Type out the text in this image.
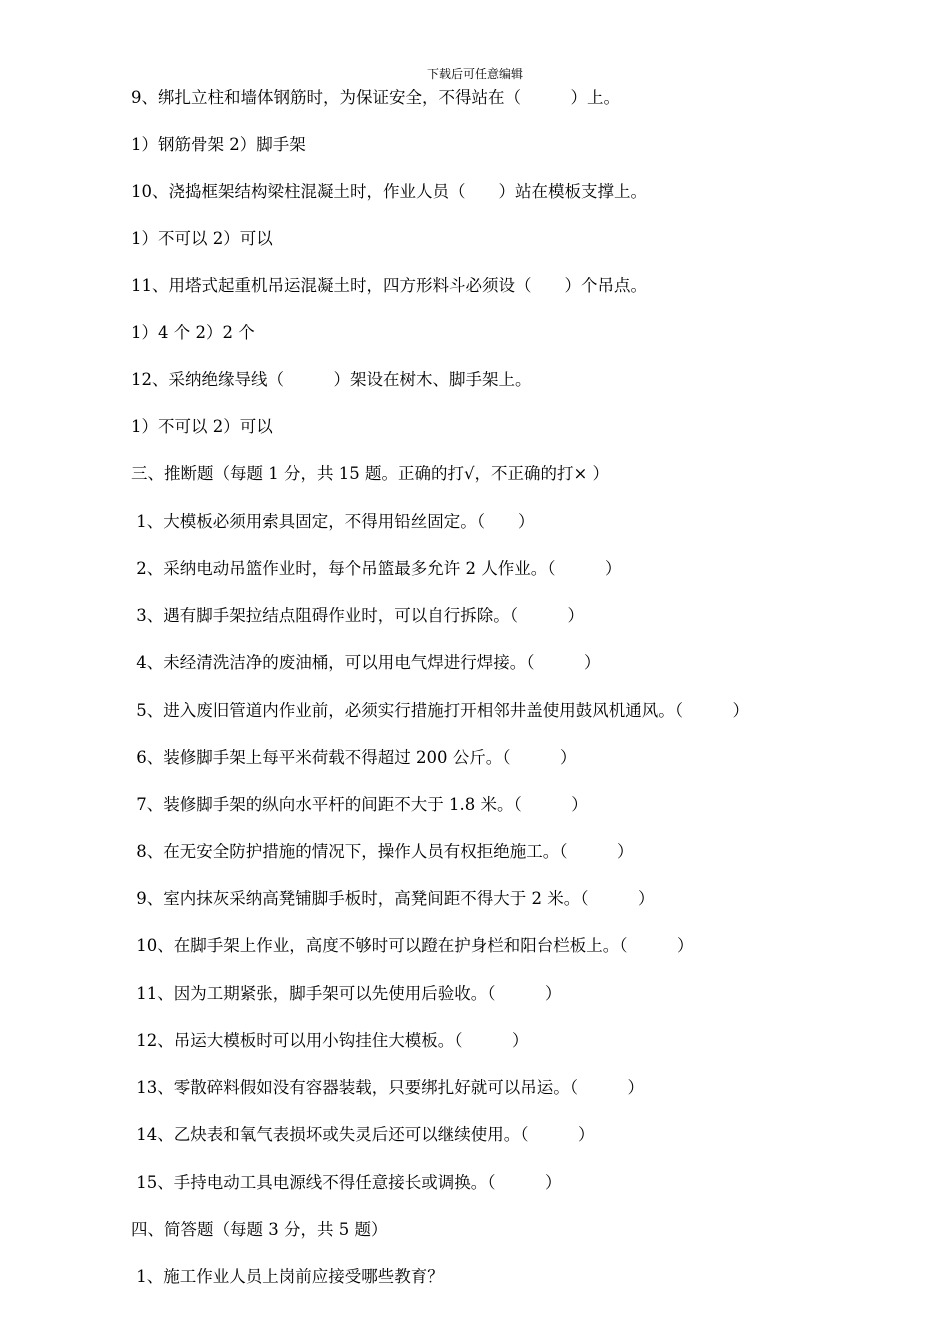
下载后可任意编辑
9、绑扎立柱和墙体钢筋时，为保证安全，不得站在（　　　）上。
1）钢筋骨架 2）脚手架
10、浇捣框架结构梁柱混凝土时，作业人员（　　）站在模板支撑上。
1）不可以 2）可以
11、用塔式起重机吊运混凝土时，四方形料斗必须设（　　）个吊点。
1）4 个 2）2 个
12、采纳绝缘导线（　　　）架设在树木、脚手架上。
1）不可以 2）可以
三、推断题（每题 1 分，共 15 题。正确的打√，不正确的打× ）
1、大模板必须用索具固定，不得用铅丝固定。（　　）
2、采纳电动吊篮作业时，每个吊篮最多允许 2 人作业。（　　　）
3、遇有脚手架拉结点阻碍作业时，可以自行拆除。（　　　）
4、未经清洗洁净的废油桶，可以用电气焊进行焊接。（　　　）
5、进入废旧管道内作业前，必须实行措施打开相邻井盖使用鼓风机通风。（　　　）
6、装修脚手架上每平米荷载不得超过 200 公斤。（　　　）
7、装修脚手架的纵向水平杆的间距不大于 1.8 米。（　　　）
8、在无安全防护措施的情况下，操作人员有权拒绝施工。（　　　）
9、室内抹灰采纳高凳铺脚手板时，高凳间距不得大于 2 米。（　　　）
10、在脚手架上作业，高度不够时可以蹬在护身栏和阳台栏板上。（　　　）
11、因为工期紧张，脚手架可以先使用后验收。（　　　）
12、吊运大模板时可以用小钩挂住大模板。（　　　）
13、零散碎料假如没有容器装载，只要绑扎好就可以吊运。（　　　）
14、乙炔表和氧气表损坏或失灵后还可以继续使用。（　　　）
15、手持电动工具电源线不得任意接长或调换。（　　　）
四、简答题（每题 3 分，共 5 题）
1、施工作业人员上岗前应接受哪些教育？
